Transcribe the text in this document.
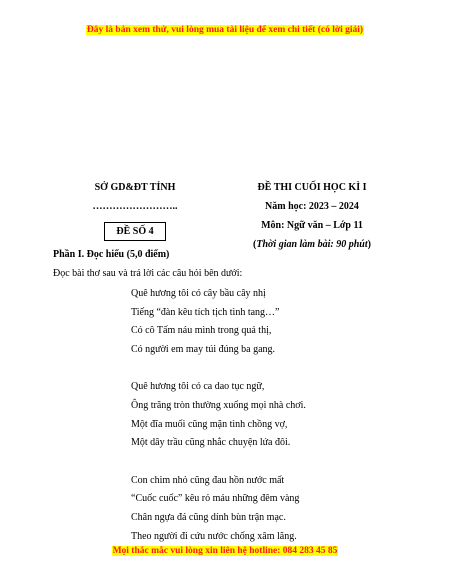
Đây là bản xem thử, vui lòng mua tài liệu để xem chi tiết (có lời giải)
SỞ GD&ĐT TỈNH
……………………..
ĐỀ SỐ 4
ĐỀ THI CUỐI HỌC KÌ I
Năm học: 2023 – 2024
Môn: Ngữ văn – Lớp 11
(Thời gian làm bài: 90 phút)
Phần I. Đọc hiểu (5,0 điểm)
Đọc bài thơ sau và trả lời các câu hỏi bên dưới:
Quê hương tôi có cây bầu cây nhị
Tiếng “đàn kêu tích tịch tình tang…”
Có cô Tấm náu mình trong quả thị,
Có người em may túi đúng ba gang.
Quê hương tôi có ca dao tục ngữ,
Ông trăng tròn thường xuống mọi nhà chơi.
Một đĩa muối cũng mặn tình chồng vợ,
Một dây trầu cũng nhắc chuyện lứa đôi.
Con chim nhỏ cũng đau hồn nước mất
“Cuốc cuốc” kêu rỏ máu những đêm vàng
Chân ngựa đá cũng dính bùn trận mạc.
Theo người đi cứu nước chống xâm lăng.
Mọi thắc mắc vui lòng xin liên hệ hotline: 084 283 45 85
